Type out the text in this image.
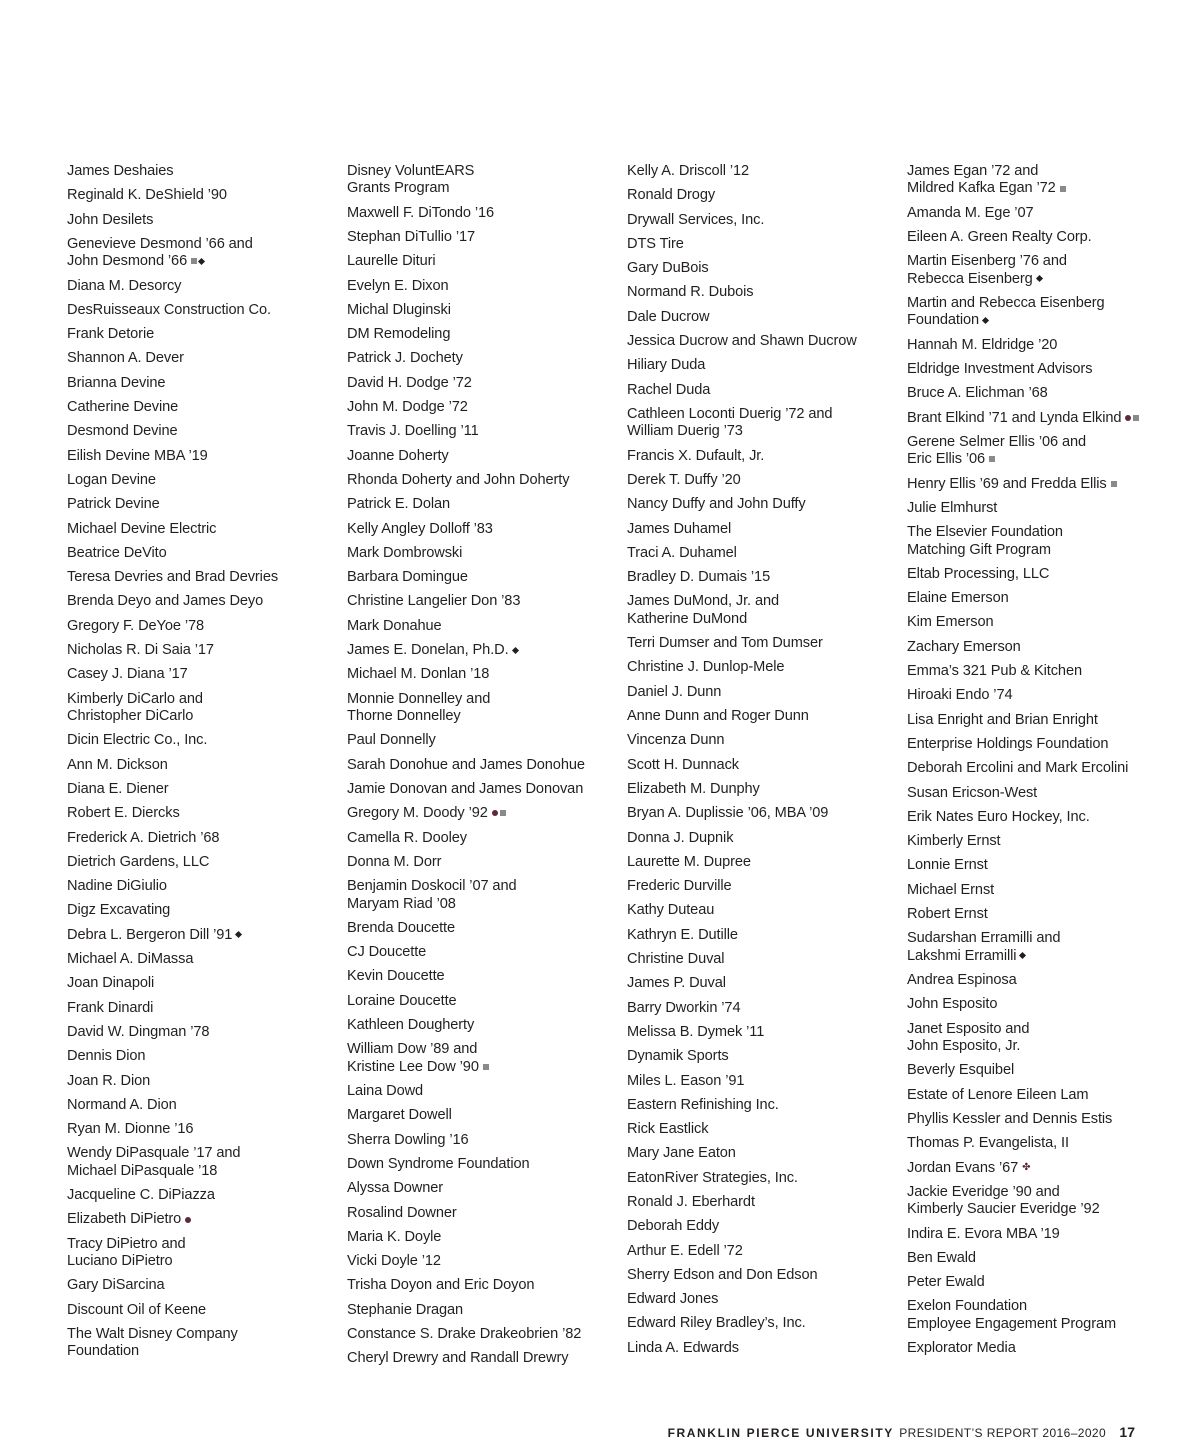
James Deshaies
Reginald K. DeShield ’90
John Desilets
Genevieve Desmond ’66 and
John Desmond ’66
Diana M. Desorcy
DesRuisseaux Construction Co.
Frank Detorie
Shannon A. Dever
Brianna Devine
Catherine Devine
Desmond Devine
Eilish Devine MBA ’19
Logan Devine
Patrick Devine
Michael Devine Electric
Beatrice DeVito
Teresa Devries and Brad Devries
Brenda Deyo and James Deyo
Gregory F. DeYoe ’78
Nicholas R. Di Saia ’17
Casey J. Diana ’17
Kimberly DiCarlo and
Christopher DiCarlo
Dicin Electric Co., Inc.
Ann M. Dickson
Diana E. Diener
Robert E. Diercks
Frederick A. Dietrich ’68
Dietrich Gardens, LLC
Nadine DiGiulio
Digz Excavating
Debra L. Bergeron Dill ’91
Michael A. DiMassa
Joan Dinapoli
Frank Dinardi
David W. Dingman ’78
Dennis Dion
Joan R. Dion
Normand A. Dion
Ryan M. Dionne ’16
Wendy DiPasquale ’17 and
Michael DiPasquale ’18
Jacqueline C. DiPiazza
Elizabeth DiPietro
Tracy DiPietro and
Luciano DiPietro
Gary DiSarcina
Discount Oil of Keene
The Walt Disney Company
Foundation
Disney VoluntEARS
Grants Program
Maxwell F. DiTondo ’16
Stephan DiTullio ’17
Laurelle Dituri
Evelyn E. Dixon
Michal Dluginski
DM Remodeling
Patrick J. Dochety
David H. Dodge ’72
John M. Dodge ’72
Travis J. Doelling ’11
Joanne Doherty
Rhonda Doherty and John Doherty
Patrick E. Dolan
Kelly Angley Dolloff ’83
Mark Dombrowski
Barbara Domingue
Christine Langelier Don ’83
Mark Donahue
James E. Donelan, Ph.D.
Michael M. Donlan ’18
Monnie Donnelley and
Thorne Donnelley
Paul Donnelly
Sarah Donohue and James Donohue
Jamie Donovan and James Donovan
Gregory M. Doody ’92
Camella R. Dooley
Donna M. Dorr
Benjamin Doskocil ’07 and
Maryam Riad ’08
Brenda Doucette
CJ Doucette
Kevin Doucette
Loraine Doucette
Kathleen Dougherty
William Dow ’89 and
Kristine Lee Dow ’90
Laina Dowd
Margaret Dowell
Sherra Dowling ’16
Down Syndrome Foundation
Alyssa Downer
Rosalind Downer
Maria K. Doyle
Vicki Doyle ’12
Trisha Doyon and Eric Doyon
Stephanie Dragan
Constance S. Drake Drakeobrien ’82
Cheryl Drewry and Randall Drewry
Kelly A. Driscoll ’12
Ronald Drogy
Drywall Services, Inc.
DTS Tire
Gary DuBois
Normand R. Dubois
Dale Ducrow
Jessica Ducrow and Shawn Ducrow
Hiliary Duda
Rachel Duda
Cathleen Loconti Duerig ’72 and
William Duerig ’73
Francis X. Dufault, Jr.
Derek T. Duffy ’20
Nancy Duffy and John Duffy
James Duhamel
Traci A. Duhamel
Bradley D. Dumais ’15
James DuMond, Jr. and
Katherine DuMond
Terri Dumser and Tom Dumser
Christine J. Dunlop-Mele
Daniel J. Dunn
Anne Dunn and Roger Dunn
Vincenza Dunn
Scott H. Dunnack
Elizabeth M. Dunphy
Bryan A. Duplissie ’06, MBA ’09
Donna J. Dupnik
Laurette M. Dupree
Frederic Durville
Kathy Duteau
Kathryn E. Dutille
Christine Duval
James P. Duval
Barry Dworkin ’74
Melissa B. Dymek ’11
Dynamik Sports
Miles L. Eason ’91
Eastern Refinishing Inc.
Rick Eastlick
Mary Jane Eaton
EatonRiver Strategies, Inc.
Ronald J. Eberhardt
Deborah Eddy
Arthur E. Edell ’72
Sherry Edson and Don Edson
Edward Jones
Edward Riley Bradley’s, Inc.
Linda A. Edwards
James Egan ’72 and
Mildred Kafka Egan ’72
Amanda M. Ege ’07
Eileen A. Green Realty Corp.
Martin Eisenberg ’76 and
Rebecca Eisenberg
Martin and Rebecca Eisenberg
Foundation
Hannah M. Eldridge ’20
Eldridge Investment Advisors
Bruce A. Elichman ’68
Brant Elkind ’71 and Lynda Elkind
Gerene Selmer Ellis ’06 and
Eric Ellis ’06
Henry Ellis ’69 and Fredda Ellis
Julie Elmhurst
The Elsevier Foundation
Matching Gift Program
Eltab Processing, LLC
Elaine Emerson
Kim Emerson
Zachary Emerson
Emma’s 321 Pub & Kitchen
Hiroaki Endo ’74
Lisa Enright and Brian Enright
Enterprise Holdings Foundation
Deborah Ercolini and Mark Ercolini
Susan Ericson-West
Erik Nates Euro Hockey, Inc.
Kimberly Ernst
Lonnie Ernst
Michael Ernst
Robert Ernst
Sudarshan Erramilli and
Lakshmi Erramilli
Andrea Espinosa
John Esposito
Janet Esposito and
John Esposito, Jr.
Beverly Esquibel
Estate of Lenore Eileen Lam
Phyllis Kessler and Dennis Estis
Thomas P. Evangelista, II
Jordan Evans ’67 ✤
Jackie Everidge ’90 and
Kimberly Saucier Everidge ’92
Indira E. Evora MBA ’19
Ben Ewald
Peter Ewald
Exelon Foundation
Employee Engagement Program
Explorator Media
FRANKLIN PIERCE UNIVERSITY PRESIDENT’S REPORT 2016–2020 17
